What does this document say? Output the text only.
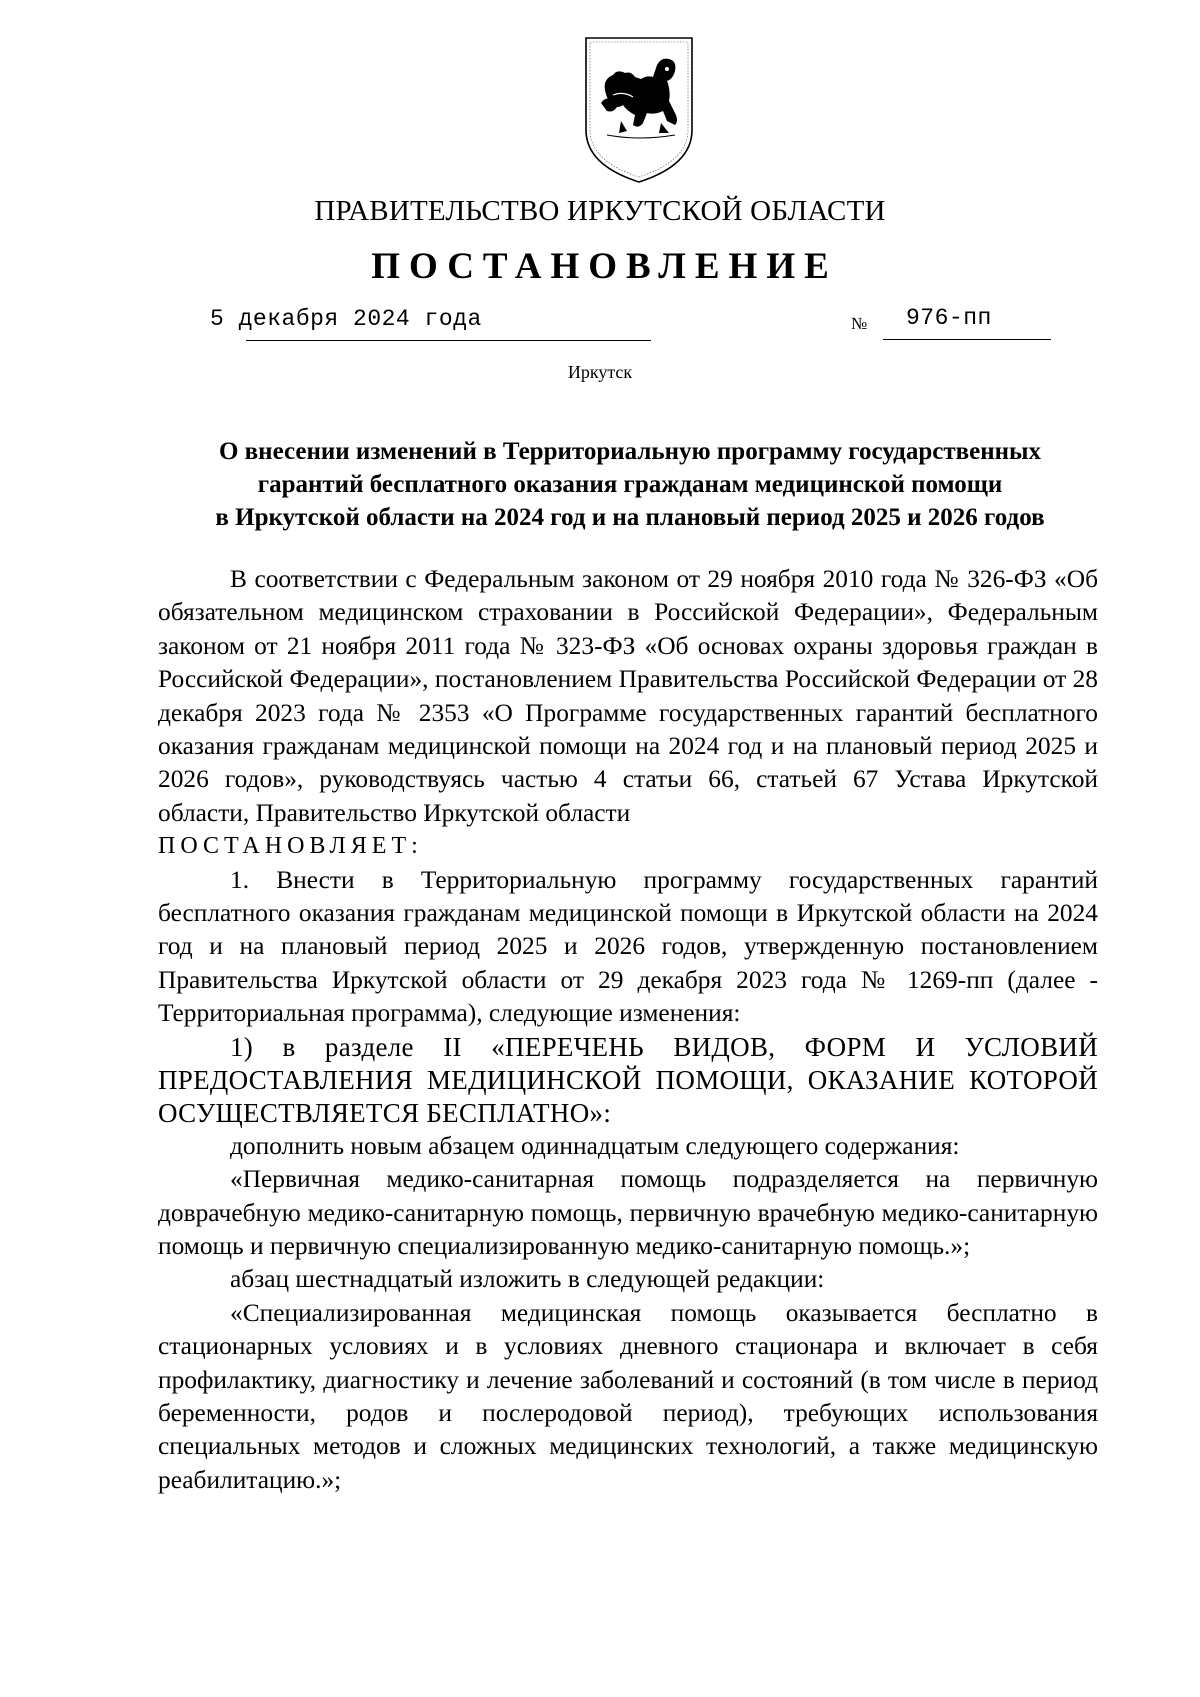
ПРАВИТЕЛЬСТВО ИРКУТСКОЙ ОБЛАСТИ
ПОСТАНОВЛЕНИЕ
5 декабря 2024 года	№ 976-пп
Иркутск
О внесении изменений в Территориальную программу государственных
гарантий бесплатного оказания гражданам медицинской помощи
в Иркутской области на 2024 год и на плановый период 2025 и 2026 годов

В соответствии с Федеральным законом от 29 ноября 2010 года № 326-ФЗ «Об обязательном медицинском страховании в Российской Федерации», Федеральным законом от 21 ноября 2011 года № 323-ФЗ «Об основах охраны здоровья граждан в Российской Федерации», постановлением Правительства Российской Федерации от 28 декабря 2023 года № 2353 «О Программе государственных гарантий бесплатного оказания гражданам медицинской помощи на 2024 год и на плановый период 2025 и 2026 годов», руководствуясь частью 4 статьи 66, статьей 67 Устава Иркутской области, Правительство Иркутской области

ПОСТАНОВЛЯЕТ:

1. Внести в Территориальную программу государственных гарантий бесплатного оказания гражданам медицинской помощи в Иркутской области на 2024 год и на плановый период 2025 и 2026 годов, утвержденную постановлением Правительства Иркутской области от 29 декабря 2023 года № 1269-пп (далее - Территориальная программа), следующие изменения:

1) в разделе II «ПЕРЕЧЕНЬ ВИДОВ, ФОРМ И УСЛОВИЙ

ПРЕДОСТАВЛЕНИЯ МЕДИЦИНСКОЙ ПОМОЩИ, ОКАЗАНИЕ КОТОРОЙ

ОСУЩЕСТВЛЯЕТСЯ БЕСПЛАТНО»:

дополнить новым абзацем одиннадцатым следующего содержания:

«Первичная медико-санитарная помощь подразделяется на первичную доврачебную медико-санитарную помощь, первичную врачебную медико-санитарную помощь и первичную специализированную медико-санитарную помощь.»;

абзац шестнадцатый изложить в следующей редакции:

«Специализированная медицинская помощь оказывается бесплатно в стационарных условиях и в условиях дневного стационара и включает в себя профилактику, диагностику и лечение заболеваний и состояний (в том числе в период беременности, родов и послеродовой период), требующих использования специальных методов и сложных медицинских технологий, а также медицинскую реабилитацию.»;
